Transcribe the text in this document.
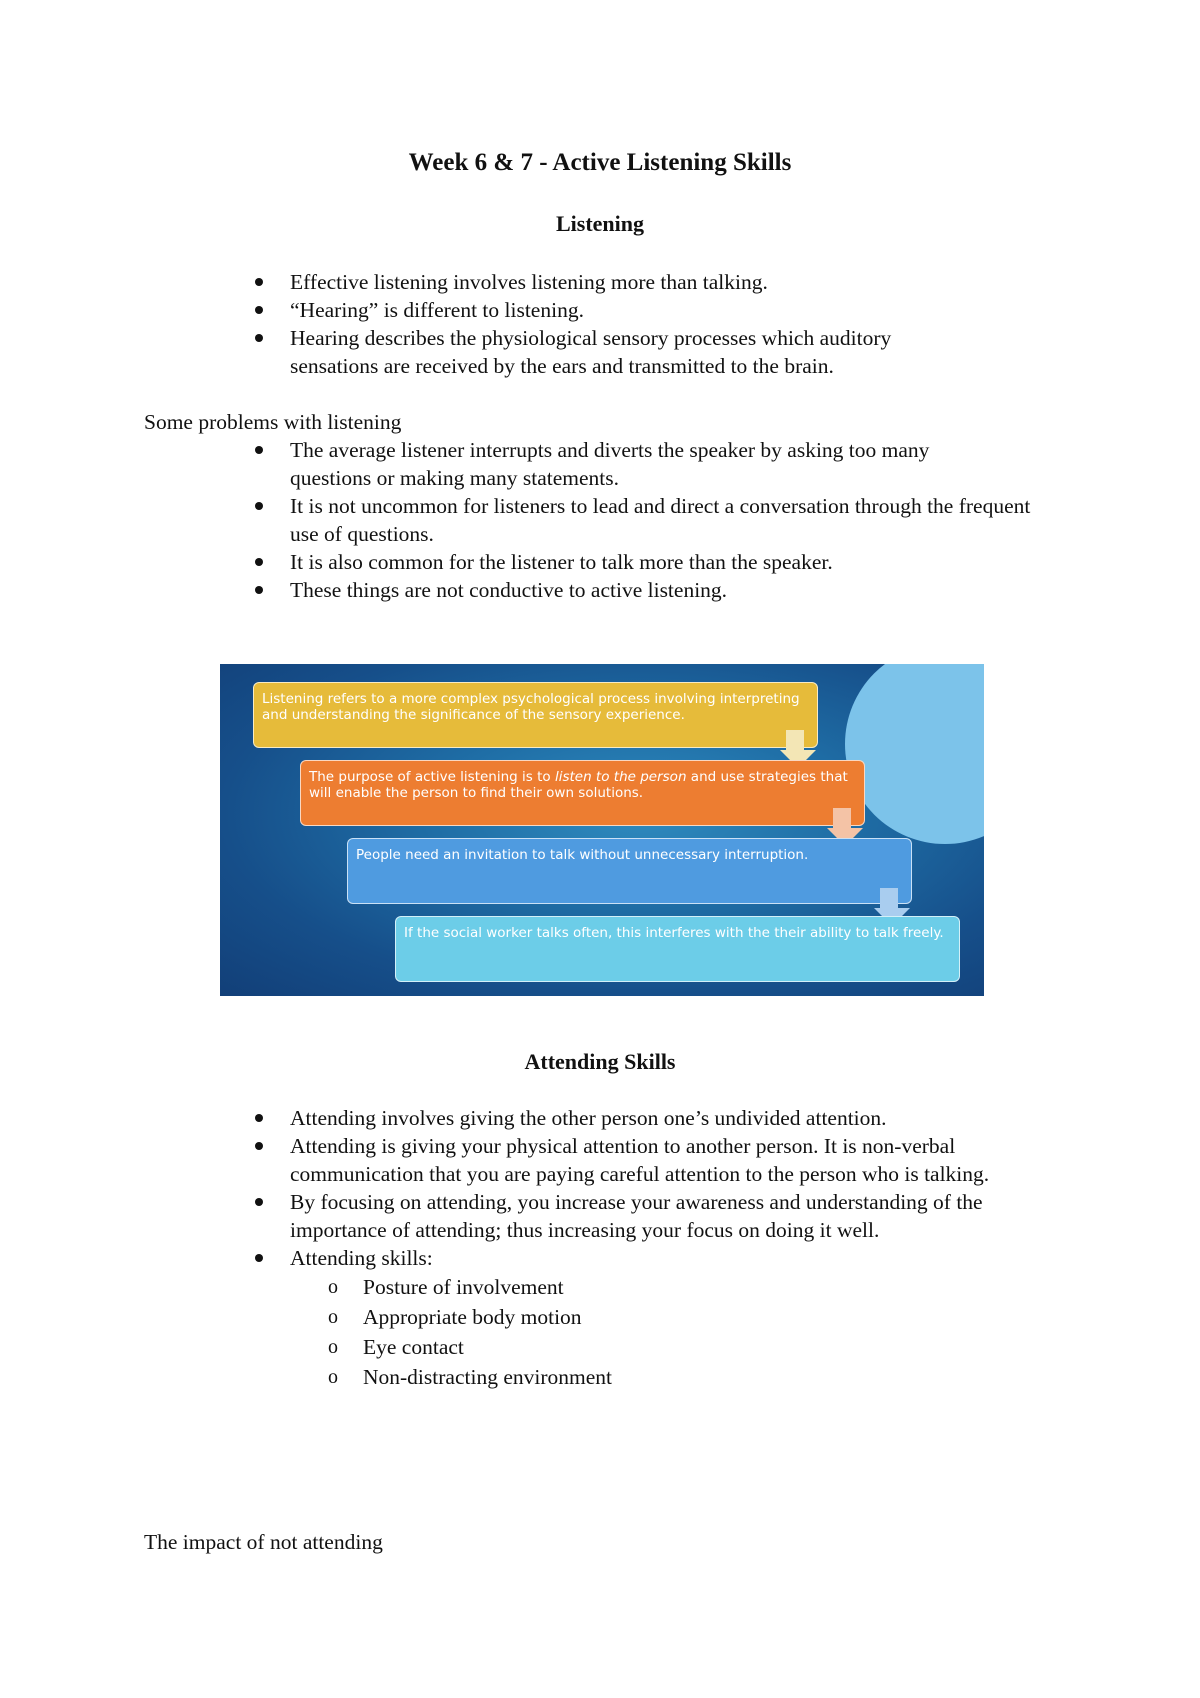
Week 6 & 7 - Active Listening Skills
Listening
Effective listening involves listening more than talking.
“Hearing” is different to listening.
Hearing describes the physiological sensory processes which auditory sensations are received by the ears and transmitted to the brain.

Some problems with listening

The average listener interrupts and diverts the speaker by asking too many questions or making many statements.
It is not uncommon for listeners to lead and direct a conversation through the frequent use of questions.
It is also common for the listener to talk more than the speaker.
These things are not conductive to active listening.
Listening refers to a more complex psychological process involving interpreting and understanding the significance of the sensory experience.
The purpose of active listening is to listen to the person and use strategies that will enable the person to find their own solutions.
People need an invitation to talk without unnecessary interruption.
If the social worker talks often, this interferes with the their ability to talk freely.
Attending Skills
Attending involves giving the other person one’s undivided attention.
Attending is giving your physical attention to another person. It is non-verbal communication that you are paying careful attention to the person who is talking.
By focusing on attending, you increase your awareness and understanding of the importance of attending; thus increasing your focus on doing it well.
Attending skills:
o Posture of involvement
o Appropriate body motion
o Eye contact
o Non-distracting environment

The impact of not attending
